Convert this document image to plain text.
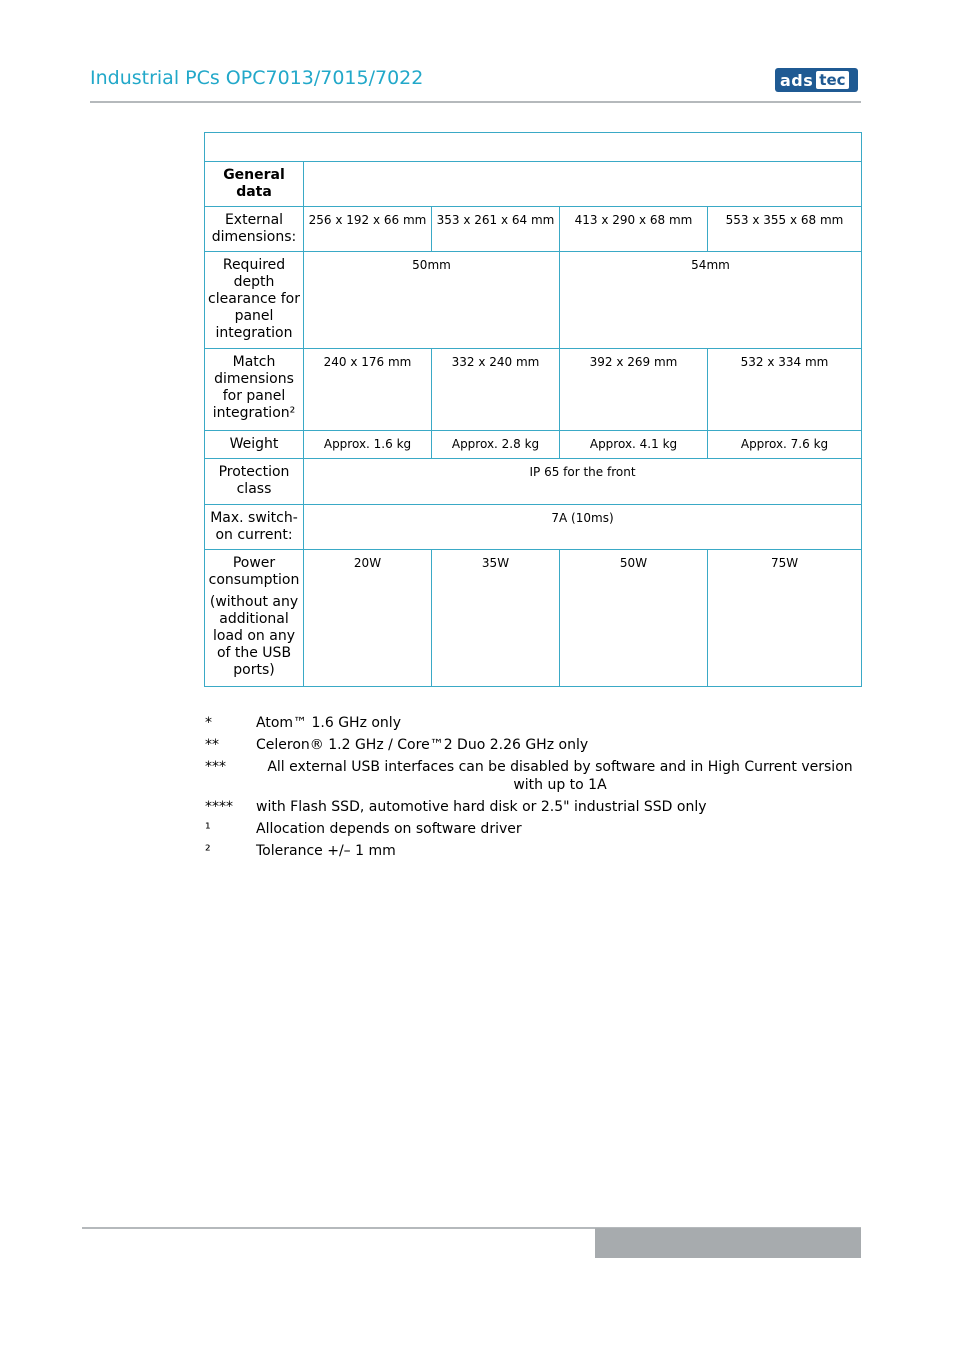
Industrial PCs OPC7013/7015/7022	ads tec

General data				
External dimensions:	256 x 192 x 66 mm	353 x 261 x 64 mm	413 x 290 x 68 mm	553 x 355 x 68 mm
Required depth clearance for panel integration	50mm		54mm	
Match dimensions for panel integration²	240 x 176 mm	332 x 240 mm	392 x 269 mm	532 x 334 mm
Weight	Approx. 1.6 kg	Approx. 2.8 kg	Approx. 4.1 kg	Approx. 7.6 kg
Protection class	IP 65 for the front			
Max. switch-on current:	7A (10ms)			
Power consumption
(without any additional load on any of the USB ports)	20W	35W	50W	75W
*	Atom™ 1.6 GHz only
**	Celeron® 1.2 GHz / Core™2 Duo 2.26 GHz only
***	All external USB interfaces can be disabled by software and in High Current version with up to 1A
****	with Flash SSD, automotive hard disk or 2.5" industrial SSD only
¹	Allocation depends on software driver
²	Tolerance +/– 1 mm
